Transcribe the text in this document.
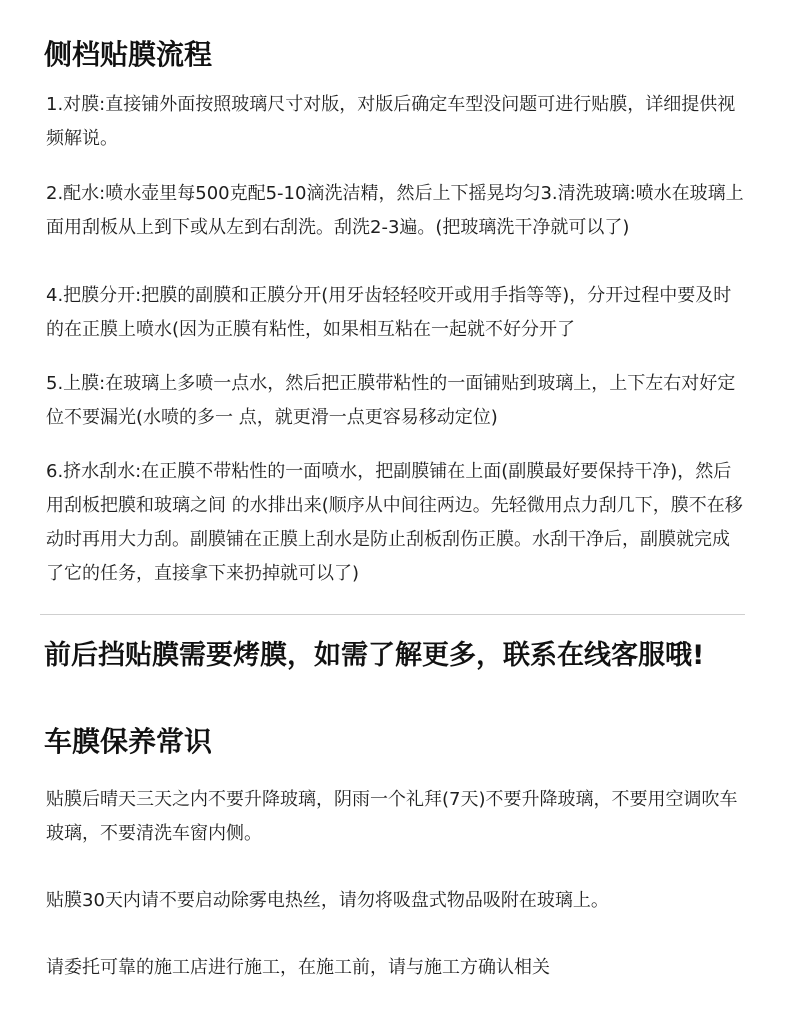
侧档贴膜流程

1.对膜:直接铺外面按照玻璃尺寸对版，对版后确定车型没问题可进行贴膜，详细提供视频解说。

2.配水:喷水壶里每500克配5-10滴洗洁精，然后上下摇晃均匀3.清洗玻璃:喷水在玻璃上面用刮板从上到下或从左到右刮洗。刮洗2-3遍。(把玻璃洗干净就可以了)

4.把膜分开:把膜的副膜和正膜分开(用牙齿轻轻咬开或用手指等等)，分开过程中要及时的在正膜上喷水(因为正膜有粘性，如果相互粘在一起就不好分开了

5.上膜:在玻璃上多喷一点水，然后把正膜带粘性的一面铺贴到玻璃上，上下左右对好定位不要漏光(水喷的多一 点，就更滑一点更容易移动定位)

6.挤水刮水:在正膜不带粘性的一面喷水，把副膜铺在上面(副膜最好要保持干净)，然后用刮板把膜和玻璃之间 的水排出来(顺序从中间往两边。先轻微用点力刮几下，膜不在移动时再用大力刮。副膜铺在正膜上刮水是防止刮板刮伤正膜。水刮干净后，副膜就完成了它的任务，直接拿下来扔掉就可以了)

前后挡贴膜需要烤膜，如需了解更多，联系在线客服哦!
车膜保养常识

贴膜后晴天三天之内不要升降玻璃，阴雨一个礼拜(7天)不要升降玻璃，不要用空调吹车玻璃，不要清洗车窗内侧。

贴膜30天内请不要启动除雾电热丝，请勿将吸盘式物品吸附在玻璃上。

请委托可靠的施工店进行施工，在施工前，请与施工方确认相关
